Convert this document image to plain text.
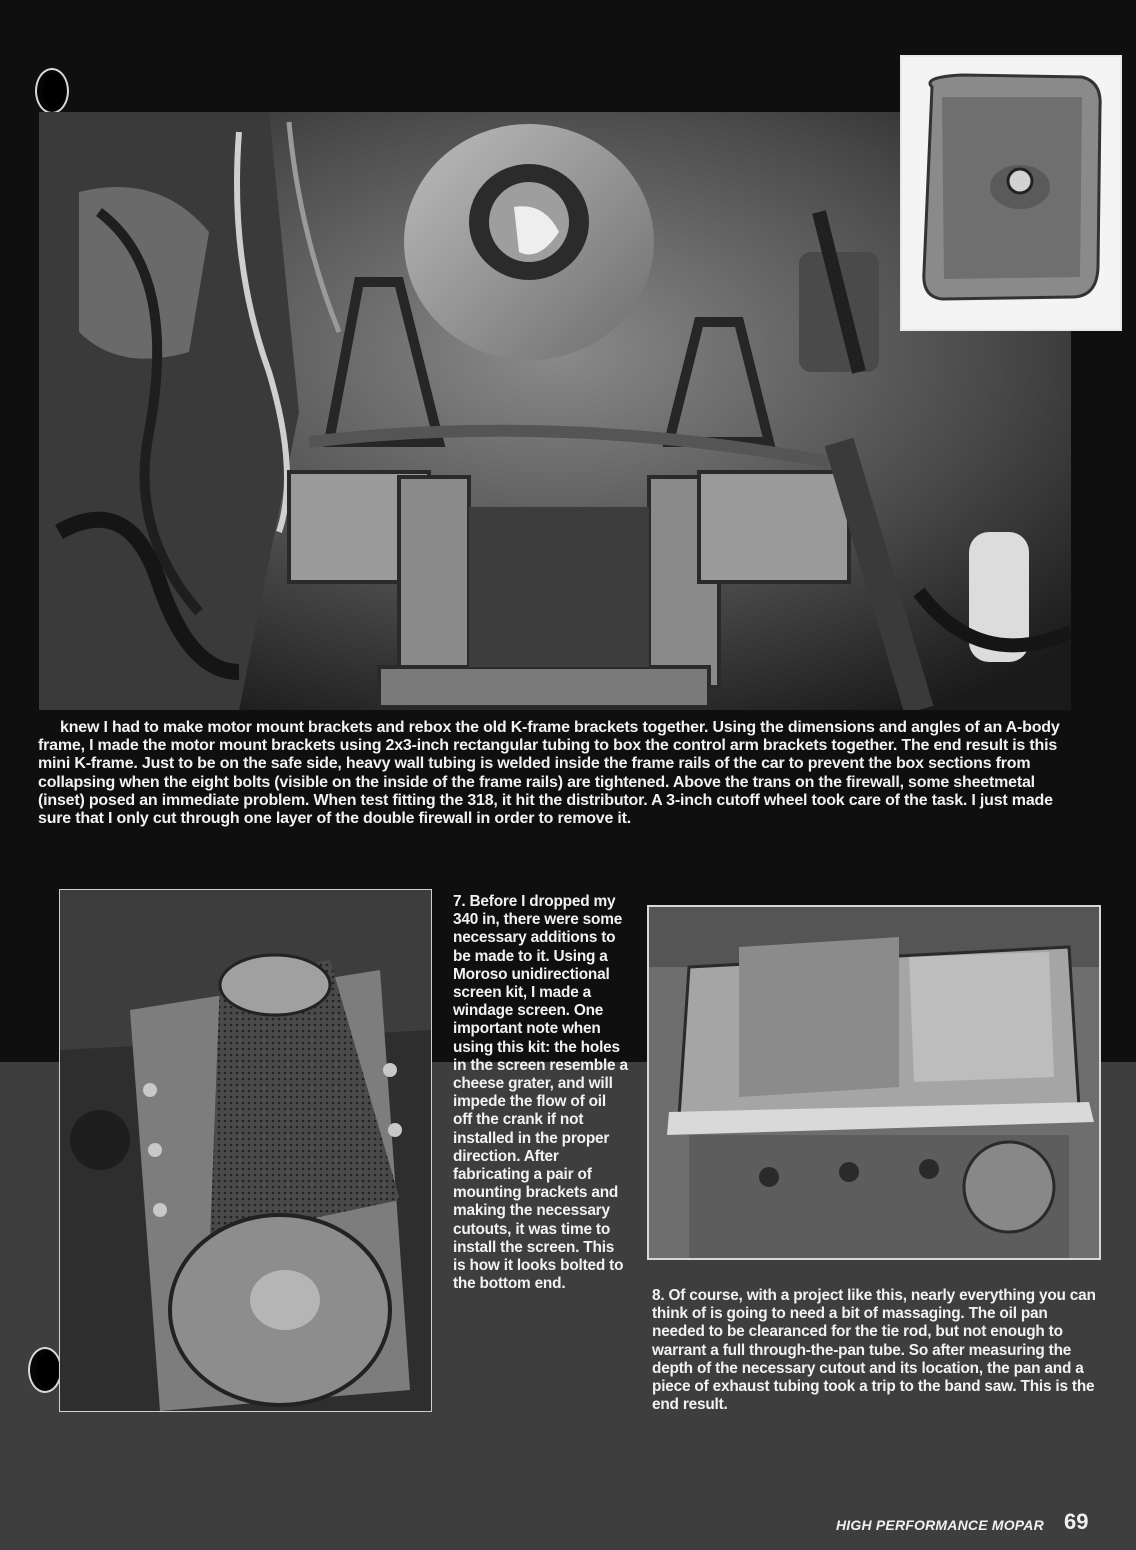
knew I had to make motor mount brackets and rebox the old K-frame brackets together. Using the dimensions and angles of an A-body frame, I made the motor mount brackets using 2x3-inch rectangular tubing to box the control arm brackets together. The end result is this mini K-frame. Just to be on the safe side, heavy wall tubing is welded inside the frame rails of the car to prevent the box sections from collapsing when the eight bolts (visible on the inside of the frame rails) are tightened. Above the trans on the firewall, some sheetmetal (inset) posed an immediate problem. When test fitting the 318, it hit the distributor. A 3-inch cutoff wheel took care of the task. I just made sure that I only cut through one layer of the double firewall in order to remove it.
7. Before I dropped my 340 in, there were some necessary additions to be made to it. Using a Moroso unidirectional screen kit, I made a windage screen. One important note when using this kit: the holes in the screen resemble a cheese grater, and will impede the flow of oil off the crank if not installed in the proper direction. After fabricating a pair of mounting brackets and making the necessary cutouts, it was time to install the screen. This is how it looks bolted to the bottom end.
8. Of course, with a project like this, nearly everything you can think of is going to need a bit of massaging. The oil pan needed to be clearanced for the tie rod, but not enough to warrant a full through-the-pan tube. So after measuring the depth of the necessary cutout and its location, the pan and a piece of exhaust tubing took a trip to the band saw. This is the end result.
HIGH PERFORMANCE MOPAR 69
